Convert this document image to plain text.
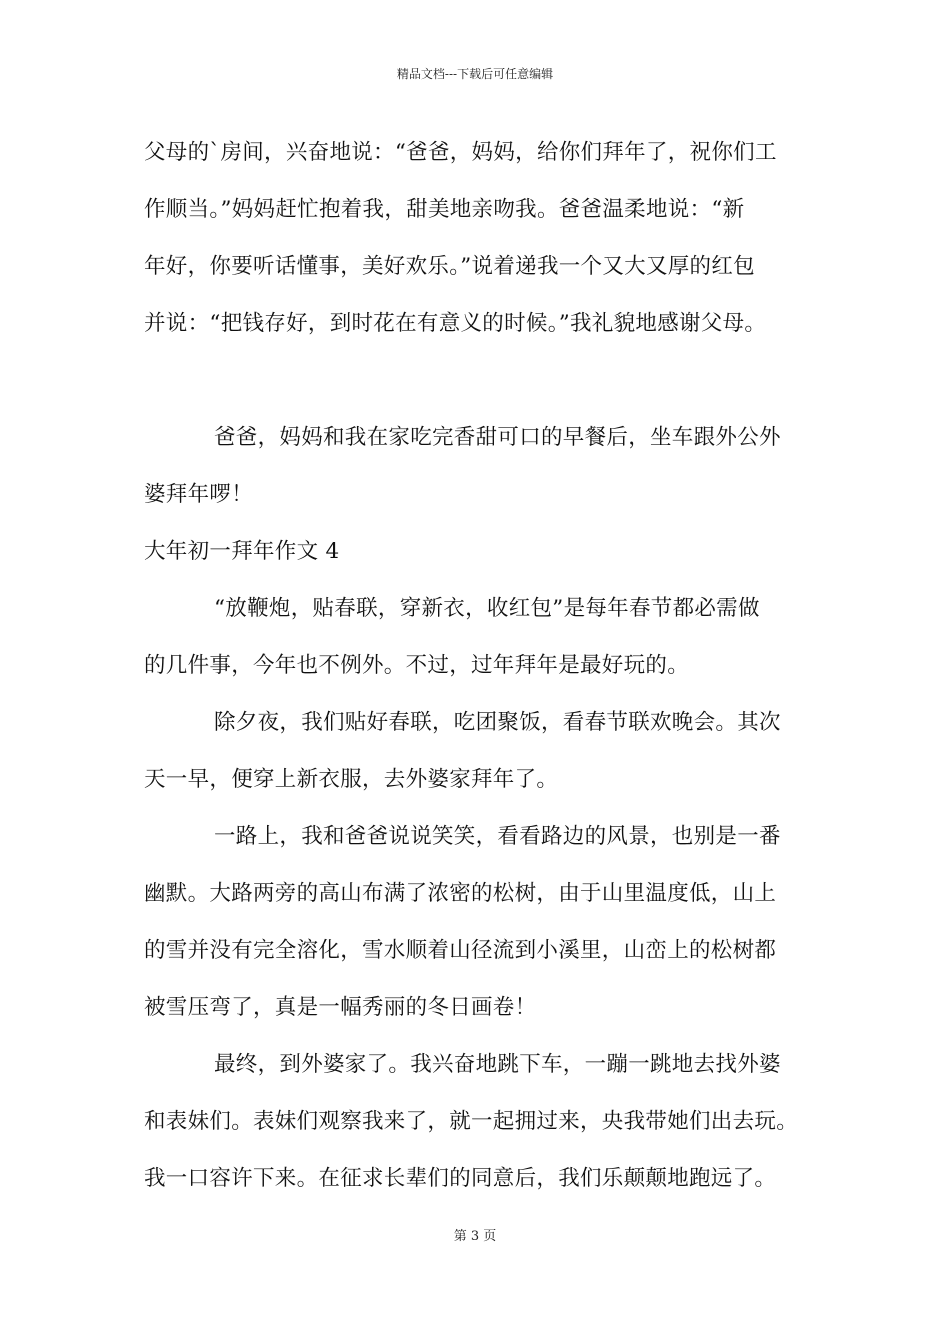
精品文档---下载后可任意编辑
父母的`房间，兴奋地说：“爸爸，妈妈，给你们拜年了，祝你们工
作顺当。”妈妈赶忙抱着我，甜美地亲吻我。爸爸温柔地说：“新
年好，你要听话懂事，美好欢乐。”说着递我一个又大又厚的红包
并说：“把钱存好，到时花在有意义的时候。”我礼貌地感谢父母。
爸爸，妈妈和我在家吃完香甜可口的早餐后，坐车跟外公外
婆拜年啰！
大年初一拜年作文 4
“放鞭炮，贴春联，穿新衣，收红包”是每年春节都必需做
的几件事，今年也不例外。不过，过年拜年是最好玩的。
除夕夜，我们贴好春联，吃团聚饭，看春节联欢晚会。其次
天一早，便穿上新衣服，去外婆家拜年了。
一路上，我和爸爸说说笑笑，看看路边的风景，也别是一番
幽默。大路两旁的高山布满了浓密的松树，由于山里温度低，山上
的雪并没有完全溶化，雪水顺着山径流到小溪里，山峦上的松树都
被雪压弯了，真是一幅秀丽的冬日画卷！
最终，到外婆家了。我兴奋地跳下车，一蹦一跳地去找外婆
和表妹们。表妹们观察我来了，就一起拥过来，央我带她们出去玩。
我一口容许下来。在征求长辈们的同意后，我们乐颠颠地跑远了。
第 3 页
